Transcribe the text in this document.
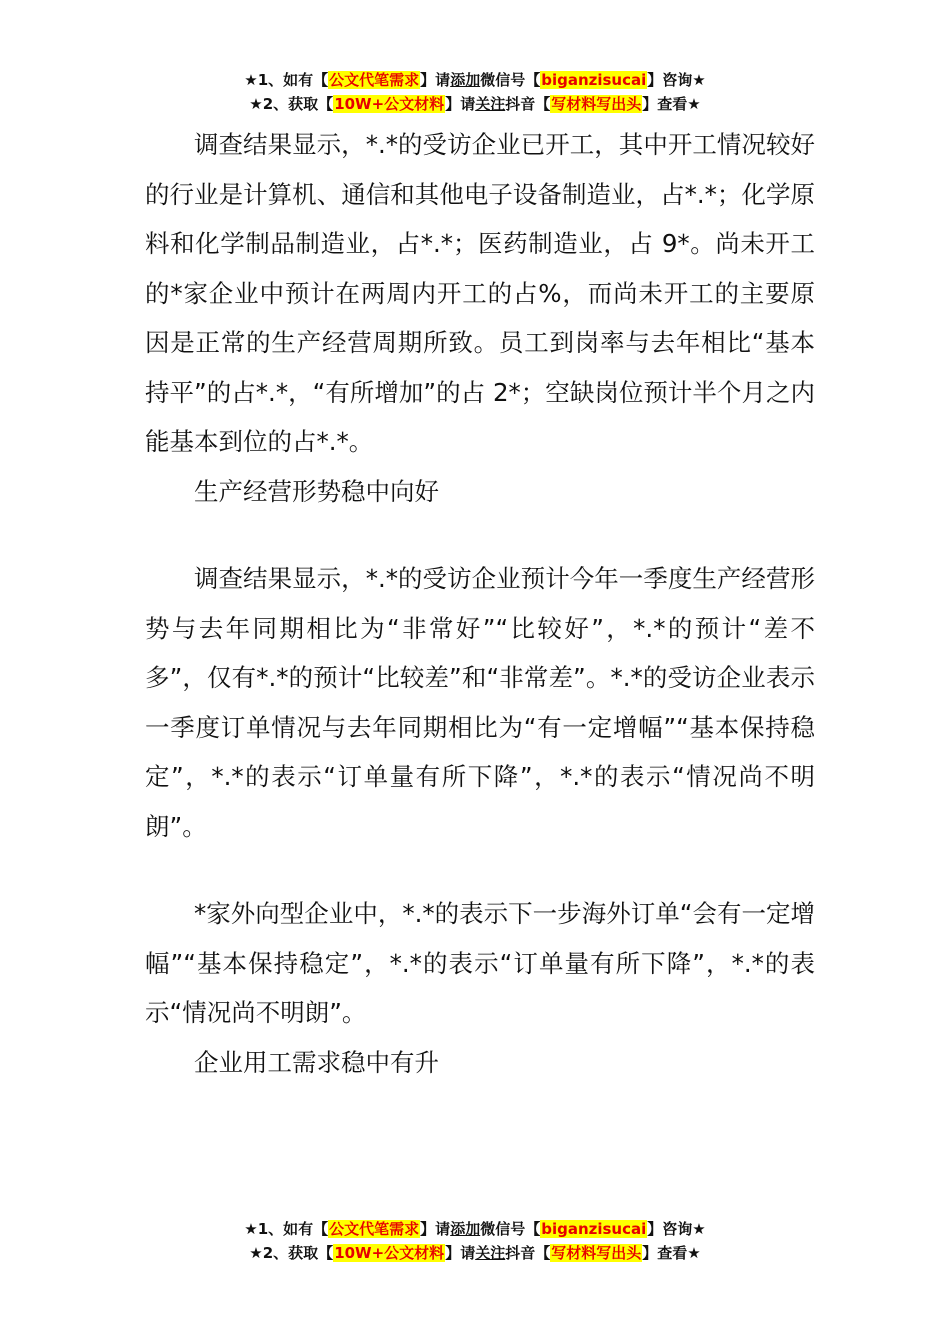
★1、如有【公文代笔需求】请添加微信号【biganzisucai】咨询★
★2、获取【10W+公文材料】请关注抖音【写材料写出头】查看★

调查结果显示，*.*的受访企业已开工，其中开工情况较好的行业是计算机、通信和其他电子设备制造业，占*.*；化学原料和化学制品制造业，占*.*；医药制造业，占 9*。尚未开工的*家企业中预计在两周内开工的占%，而尚未开工的主要原因是正常的生产经营周期所致。员工到岗率与去年相比“基本持平”的占*.*，“有所增加”的占 2*；空缺岗位预计半个月之内能基本到位的占*.*。

生产经营形势稳中向好

调查结果显示，*.*的受访企业预计今年一季度生产经营形势与去年同期相比为“非常好”“比较好”，*.*的预计“差不多”，仅有*.*的预计“比较差”和“非常差”。*.*的受访企业表示一季度订单情况与去年同期相比为“有一定增幅”“基本保持稳定”，*.*的表示“订单量有所下降”，*.*的表示“情况尚不明朗”。

*家外向型企业中，*.*的表示下一步海外订单“会有一定增幅”“基本保持稳定”，*.*的表示“订单量有所下降”，*.*的表示“情况尚不明朗”。

企业用工需求稳中有升

★1、如有【公文代笔需求】请添加微信号【biganzisucai】咨询★
★2、获取【10W+公文材料】请关注抖音【写材料写出头】查看★
